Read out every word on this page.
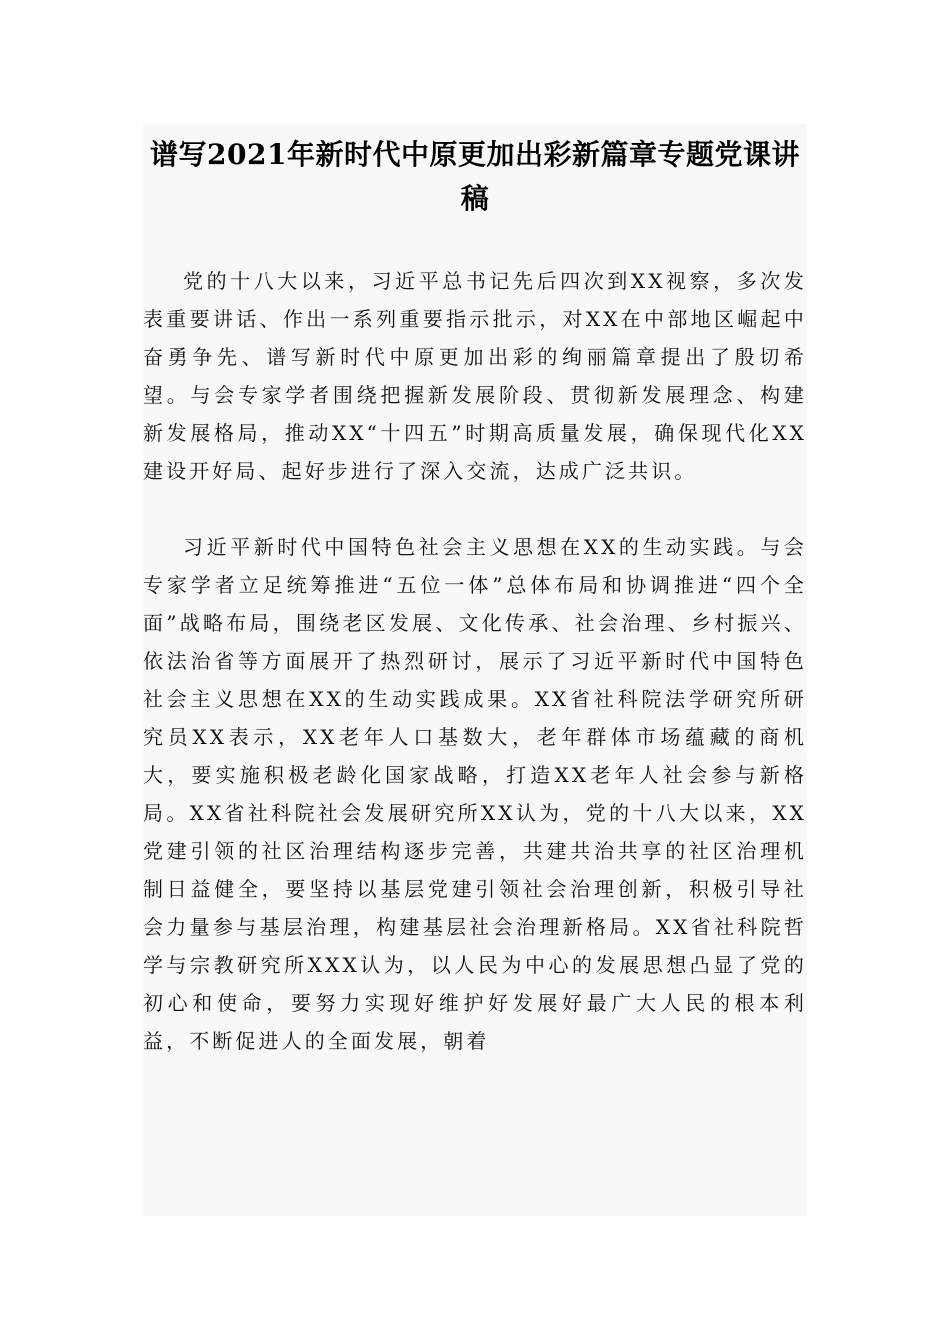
谱写2021年新时代中原更加出彩新篇章专题党课讲稿

党的十八大以来，习近平总书记先后四次到XX视察，多次发表重要讲话、作出一系列重要指示批示，对XX在中部地区崛起中奋勇争先、谱写新时代中原更加出彩的绚丽篇章提出了殷切希望。与会专家学者围绕把握新发展阶段、贯彻新发展理念、构建新发展格局，推动XX“十四五”时期高质量发展，确保现代化XX建设开好局、起好步进行了深入交流，达成广泛共识。

习近平新时代中国特色社会主义思想在XX的生动实践。与会专家学者立足统筹推进“五位一体”总体布局和协调推进“四个全面”战略布局，围绕老区发展、文化传承、社会治理、乡村振兴、依法治省等方面展开了热烈研讨，展示了习近平新时代中国特色社会主义思想在XX的生动实践成果。XX省社科院法学研究所研究员XX表示，XX老年人口基数大，老年群体市场蕴藏的商机大，要实施积极老龄化国家战略，打造XX老年人社会参与新格局。XX省社科院社会发展研究所XX认为，党的十八大以来，XX党建引领的社区治理结构逐步完善，共建共治共享的社区治理机制日益健全，要坚持以基层党建引领社会治理创新，积极引导社会力量参与基层治理，构建基层社会治理新格局。XX省社科院哲学与宗教研究所XXX认为，以人民为中心的发展思想凸显了党的初心和使命，要努力实现好维护好发展好最广大人民的根本利益，不断促进人的全面发展，朝着
